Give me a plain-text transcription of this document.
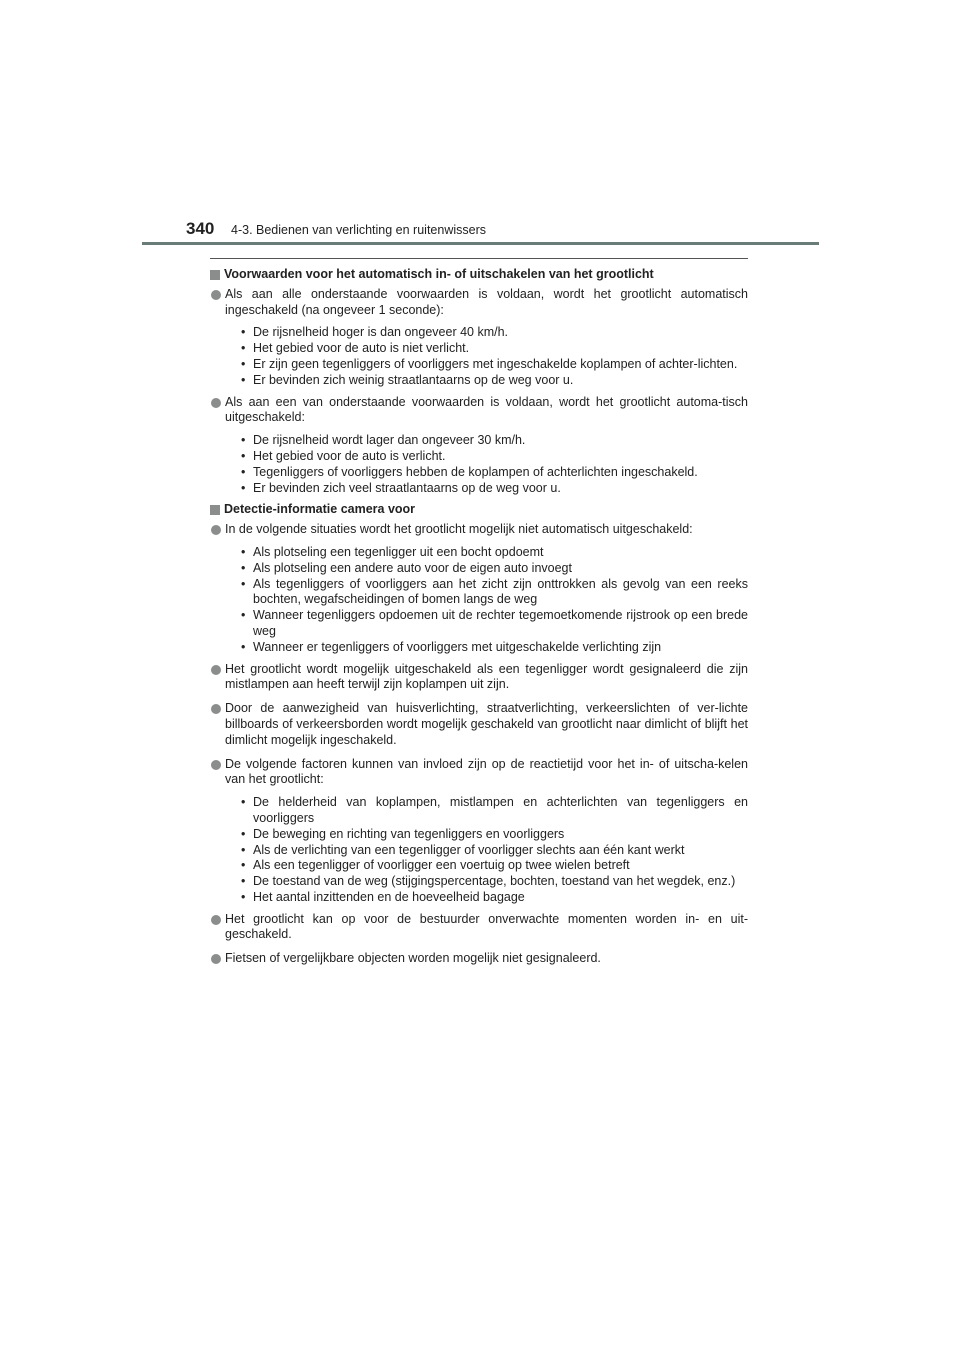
340 4-3. Bedienen van verlichting en ruitenwissers
Voorwaarden voor het automatisch in- of uitschakelen van het grootlicht
Als aan alle onderstaande voorwaarden is voldaan, wordt het grootlicht automatisch ingeschakeld (na ongeveer 1 seconde):
• De rijsnelheid hoger is dan ongeveer 40 km/h.
• Het gebied voor de auto is niet verlicht.
• Er zijn geen tegenliggers of voorliggers met ingeschakelde koplampen of achter-lichten.
• Er bevinden zich weinig straatlantaarns op de weg voor u.
Als aan een van onderstaande voorwaarden is voldaan, wordt het grootlicht automa-tisch uitgeschakeld:
• De rijsnelheid wordt lager dan ongeveer 30 km/h.
• Het gebied voor de auto is verlicht.
• Tegenliggers of voorliggers hebben de koplampen of achterlichten ingeschakeld.
• Er bevinden zich veel straatlantaarns op de weg voor u.
Detectie-informatie camera voor
In de volgende situaties wordt het grootlicht mogelijk niet automatisch uitgeschakeld:
• Als plotseling een tegenligger uit een bocht opdoemt
• Als plotseling een andere auto voor de eigen auto invoegt
• Als tegenliggers of voorliggers aan het zicht zijn onttrokken als gevolg van een reeks bochten, wegafscheidingen of bomen langs de weg
• Wanneer tegenliggers opdoemen uit de rechter tegemoetkomende rijstrook op een brede weg
• Wanneer er tegenliggers of voorliggers met uitgeschakelde verlichting zijn
Het grootlicht wordt mogelijk uitgeschakeld als een tegenligger wordt gesignaleerd die zijn mistlampen aan heeft terwijl zijn koplampen uit zijn.
Door de aanwezigheid van huisverlichting, straatverlichting, verkeerslichten of ver-lichte billboards of verkeersborden wordt mogelijk geschakeld van grootlicht naar dimlicht of blijft het dimlicht mogelijk ingeschakeld.
De volgende factoren kunnen van invloed zijn op de reactietijd voor het in- of uitscha-kelen van het grootlicht:
• De helderheid van koplampen, mistlampen en achterlichten van tegenliggers en voorliggers
• De beweging en richting van tegenliggers en voorliggers
• Als de verlichting van een tegenligger of voorligger slechts aan één kant werkt
• Als een tegenligger of voorligger een voertuig op twee wielen betreft
• De toestand van de weg (stijgingspercentage, bochten, toestand van het wegdek, enz.)
• Het aantal inzittenden en de hoeveelheid bagage
Het grootlicht kan op voor de bestuurder onverwachte momenten worden in- en uit-geschakeld.
Fietsen of vergelijkbare objecten worden mogelijk niet gesignaleerd.
